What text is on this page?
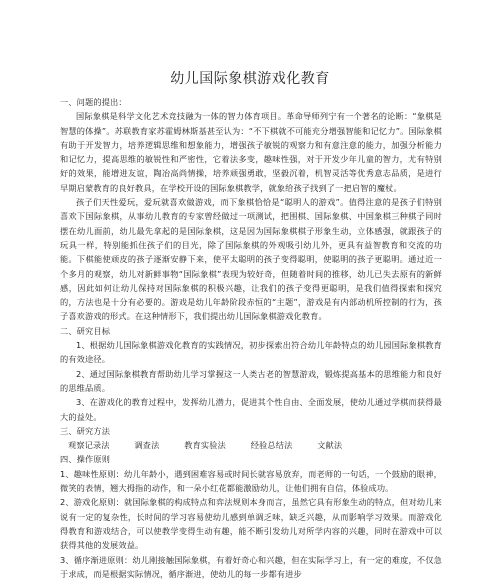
幼儿国际象棋游戏化教育

一、问题的提出：

国际象棋是科学文化艺术竞技融为一体的智力体育项目。革命导师列宁有一个著名的论断：“象棋是智慧的体操”。苏联教育家苏霍姆林斯基甚至认为：“不下棋就不可能充分增强智能和记忆力”。国际象棋有助于开发智力，培养逻辑思维和想象能力，增强孩子敏锐的观察力和有意注意的能力，加强分析能力和记忆力，提高思维的敏锐性和严密性，它着法多变，趣味性强，对于开发少年儿童的智力，尤有特别好的效果，能增进友谊，陶冶高尚情操，培养顽强勇敢，坚毅沉着，机智灵活等优秀意志品质，是进行早期启蒙教育的良好教具，在学校开设的国际象棋教学，就象给孩子找到了一把启智的魔杖。

孩子们天性爱玩，爱玩就喜欢做游戏，而下象棋恰恰是“聪明人的游戏”。值得注意的是孩子们特别喜欢下国际象棋，从事幼儿教育的专家曾经做过一项测试，把围棋、国际象棋、中国象棋三种棋子同时摆在幼儿面前，幼儿最先拿起的是国际象棋，这是因为国际象棋棋子形象生动，立体感强，就跟孩子的玩具一样，特别能抓住孩子们的目光，除了国际象棋的外观吸引幼儿外，更具有益智教育和交流的功能。下棋能使顽皮的孩子逐渐安静下来，使平太聪明的孩子变得聪明，使聪明的孩子更聪明。通过近一个多月的观察，幼儿对新鲜事物“国际象棋”表现为较好奇，但随着时间的推移，幼儿已失去原有的新鲜感，因此如何让幼儿保持对国际象棋的积极兴趣，让我们的孩子变得更聪明，是我们值得探索和探究的，方法也是十分有必要的。游戏是幼儿年龄阶段赤恒的“主题”，游戏是有内部动机所控制的行为，孩子喜欢游戏的形式。在这种情形下，我们提出幼儿国际象棋游戏化教育。

二、研究目标

1、根据幼儿国际象棋游戏化教育的实践情况，初步探索出符合幼儿年龄特点的幼儿园国际象棋教育的有效途径。

2、通过国际象棋教育帮助幼儿学习掌握这一人类古老的智慧游戏，锻炼提高基本的思维能力和良好的思维品质。

3、在游戏化的教育过程中，发挥幼儿潜力，促进其个性自由、全面发展，使幼儿通过学棋而获得最大的益处。

三、研究方法

观察记录法	调查法	教育实验法	经验总结法	文献法

四、操作原则

1、趣味性原则：幼儿年龄小，遇到困难容易或时间长就容易放弃，而老师的一句话，一个鼓励的眼神，微笑的表情，翘大拇指的动作，和一朵小红花都能激励幼儿，让他们拥有自信，体验成功。

2、游戏化原则：就国际象棋的构成特点和弈法规则本身而言，虽然它具有形象生动的特点，但对幼儿来说有一定的复杂性，长时间的学习容易使幼儿感到单调乏味，缺乏兴趣，从而影响学习效果。而游戏化得教育和游戏结合，可以使教学变得生动有趣，能不断引发幼儿对所学内容的兴趣，同时在游戏中可以获得其他的发展效益。

3、循序渐进原则：幼儿刚接触国际象棋，有着好奇心和兴趣，但在实际学习上，有一定的难度，不仅急于求成，而是根据实际情况，循序渐进，使幼儿的每一步都有进步
